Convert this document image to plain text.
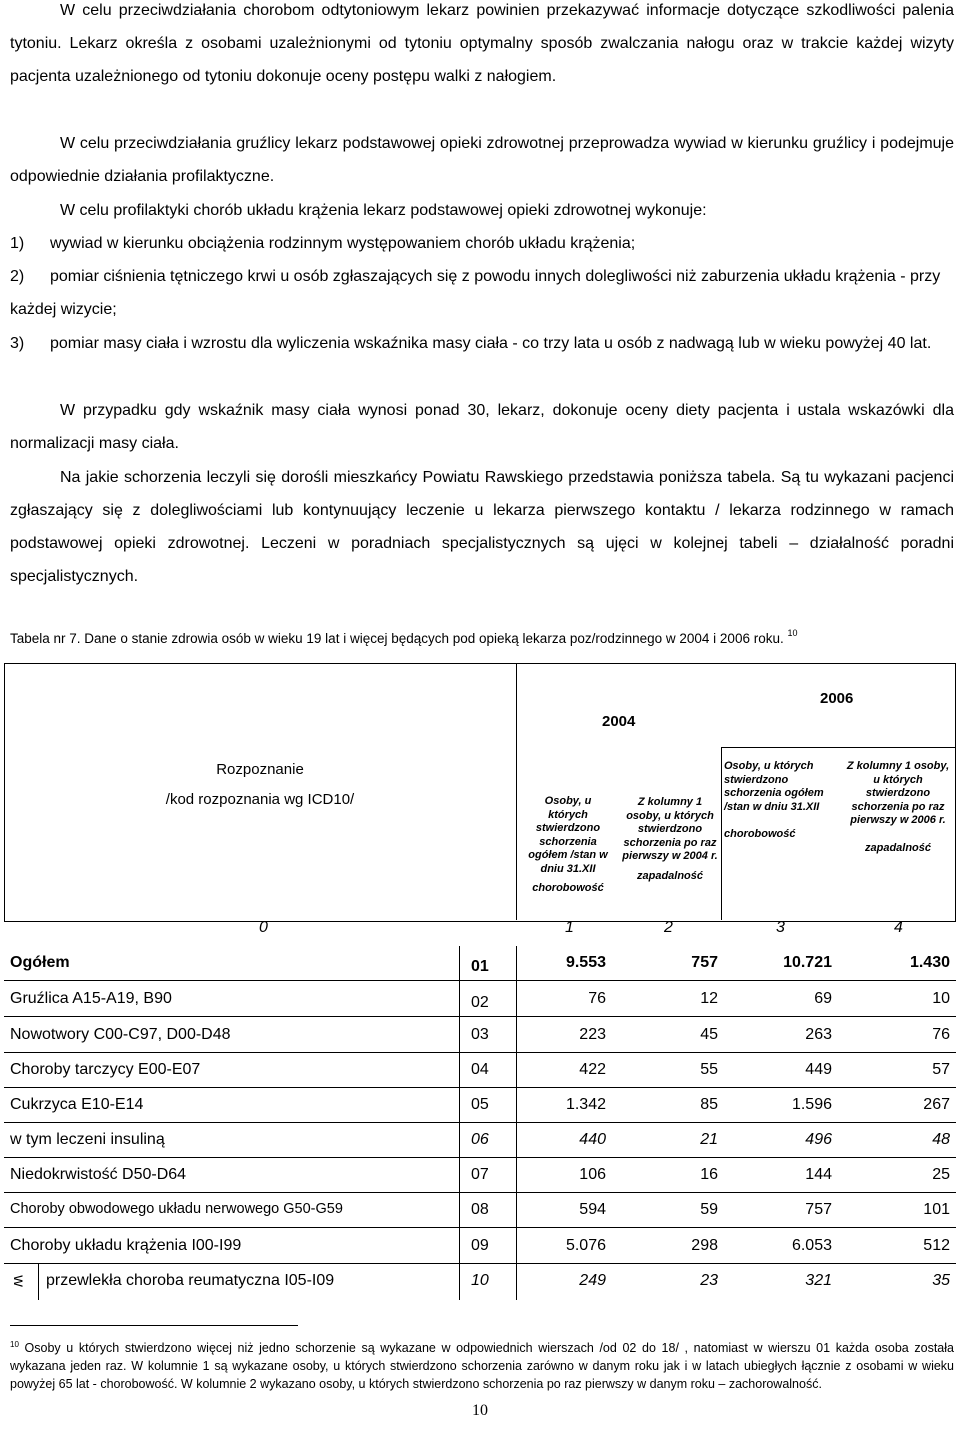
W celu przeciwdziałania chorobom odtytoniowym lekarz powinien przekazywać informacje dotyczące szkodliwości palenia tytoniu. Lekarz określa z osobami uzależnionymi od tytoniu optymalny sposób zwalczania nałogu oraz w trakcie każdej wizyty pacjenta uzależnionego od tytoniu dokonuje oceny postępu walki z nałogiem.

W celu przeciwdziałania gruźlicy lekarz podstawowej opieki zdrowotnej przeprowadza wywiad w kierunku gruźlicy i podejmuje odpowiednie działania profilaktyczne.

W celu profilaktyki chorób układu krążenia lekarz podstawowej opieki zdrowotnej wykonuje:

1) wywiad w kierunku obciążenia rodzinnym występowaniem chorób układu krążenia;
2) pomiar ciśnienia tętniczego krwi u osób zgłaszających się z powodu innych dolegliwości niż zaburzenia układu krążenia - przy każdej wizycie;
3) pomiar masy ciała i wzrostu dla wyliczenia wskaźnika masy ciała - co trzy lata u osób z nadwagą lub w wieku powyżej 40 lat.

W przypadku gdy wskaźnik masy ciała wynosi ponad 30, lekarz, dokonuje oceny diety pacjenta i ustala wskazówki dla normalizacji masy ciała.

Na jakie schorzenia leczyli się dorośli mieszkańcy Powiatu Rawskiego przedstawia poniższa tabela. Są tu wykazani pacjenci zgłaszający się z dolegliwościami lub kontynuujący leczenie u lekarza pierwszego kontaktu / lekarza rodzinnego w ramach podstawowej opieki zdrowotnej. Leczeni w poradniach specjalistycznych są ujęci w kolejnej tabeli – działalność poradni specjalistycznych.

Tabela nr 7. Dane o stanie zdrowia osób w wieku 19 lat i więcej będących pod opieką lekarza poz/rodzinnego w 2004 i 2006 roku. $^{10}$
2004
2006
Rozpoznanie
/kod rozpoznania wg ICD10/	Osoby, u których stwierdzono schorzenia ogółem /stan w dniu 31.XII
chorobowość
Z kolumny 1 osoby, u których stwierdzono schorzenia po raz pierwszy w 2004 r.
zapadalność
Osoby, u których stwierdzono schorzenia ogółem /stan w dniu 31.XII
chorobowość
Z kolumny 1 osoby, u których stwierdzono schorzenia po raz pierwszy w 2006 r.
zapadalność
0	1	2	3	4
Ogółem	01	9.553	757	10.721	1.430
Gruźlica A15-A19, B90	02	76	12	69	10
Nowotwory C00-C97, D00-D48	03	223	45	263	76
Choroby tarczycy E00-E07	04	422	55	449	57
Cukrzyca E10-E14	05	1.342	85	1.596	267
w tym leczeni insuliną	06	440	21	496	48
Niedokrwistość D50-D64	07	106	16	144	25
Choroby obwodowego układu nerwowego G50-G59	08	594	59	757	101
Choroby układu krążenia I00-I99	09	5.076	298	6.053	512
w przewlekła choroba reumatyczna I05-I09	10	249	23	321	35
$^{10}$ Osoby u których stwierdzono więcej niż jedno schorzenie są wykazane w odpowiednich wierszach /od 02 do 18/ , natomiast w wierszu 01 każda osoba została wykazana jeden raz. W kolumnie 1 są wykazane osoby, u których stwierdzono schorzenia zarówno w danym roku jak i w latach ubiegłych łącznie z osobami w wieku powyżej 65 lat - chorobowość. W kolumnie 2 wykazano osoby, u których stwierdzono schorzenia po raz pierwszy w danym roku – zachorowalność.
10
